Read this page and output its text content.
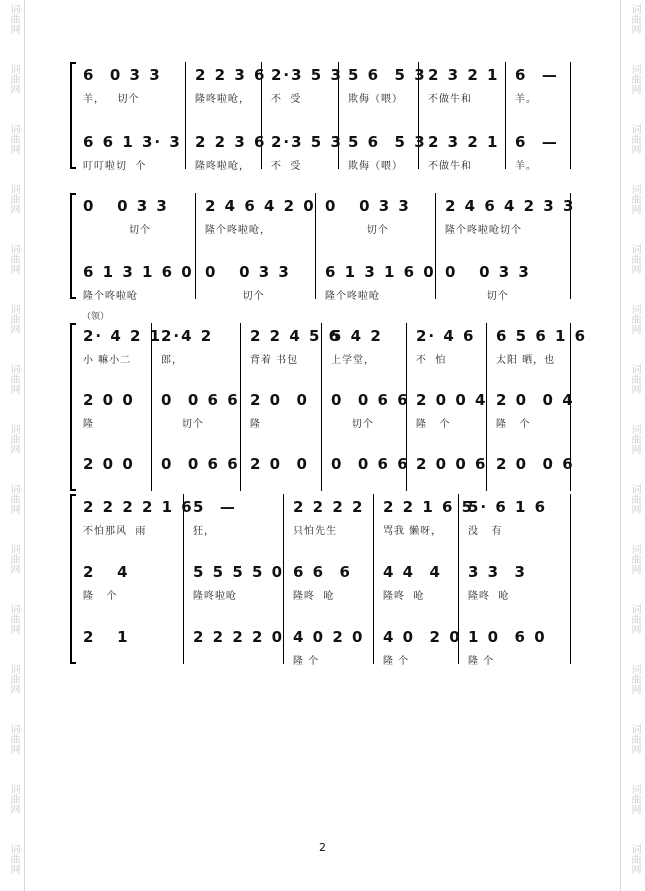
词曲网
词曲网
词曲网
词曲网
词曲网
词曲网
词曲网
词曲网
词曲网
词曲网
词曲网
词曲网
词曲网
词曲网
词曲网
词曲网
词曲网
词曲网
词曲网
词曲网
词曲网
词曲网
词曲网
词曲网
词曲网
词曲网
词曲网
词曲网
词曲网
词曲网
6  0 3 3
羊，   切个
2 2 3 6
隆咚啦呛，
2·3 5 3
不  受
5 6  5 3
欺侮（喂）
2 3 2 1
不做牛和
6  —
羊。
6 6 1 3· 3
叮叮啦切  个
2 2 3 6
隆咚啦呛，
2·3 5 3
不  受
5 6  5 3
欺侮（喂）
2 3 2 1
不做牛和
6  —
羊。
0   0 3 3
切个
2 4 6 4 2 0
隆个咚啦呛，
0   0 3 3
切个
2 4 6 4 2 3 3
隆个咚啦呛切个
6 1 3 1 6 0
隆个咚啦呛
0   0 3 3
切个
6 1 3 1 6 0
隆个咚啦呛
0   0 3 3
切个
2· 4 2 1
小 嘛小二
2·4 2
郎，
2 2 4 5 6
背着 书包
5 4 2
上学堂，
2· 4 6
不  怕
6 5 6 1 6
太阳 晒，也
2 0 0
隆
0  0 6 6
切个
2 0  0
隆
0  0 6 6
切个
2 0 0 4
隆   个
2 0  0 4
隆   个
2 0 0 0  0 6 6 2 0  0 0  0 6 6 2 0 0 6 2 0  0 6
2 2 2 2 1 6
不怕那风  雨
5  —
狂，
2 2 2 2
只怕先生
2 2 1 6 5
骂我 懒呀，
5· 6 1 6
没   有
2   4
隆   个
5 5 5 5 0
隆咚啦呛
6 6  6
隆咚  呛
4 4  4
隆咚  呛
3 3  3
隆咚  呛
2   1	2 2 2 2 0 4 0 2 0
隆 个
4 0  2 0
隆 个
1 0  6 0
隆 个
（领）
2
